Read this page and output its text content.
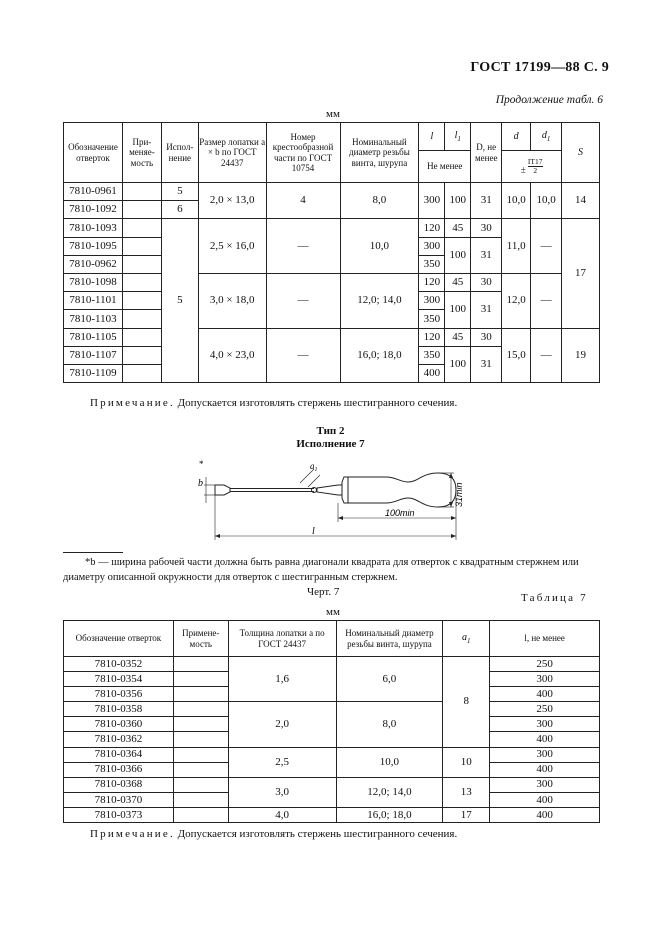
ГОСТ 17199—88 С. 9
Продолжение табл. 6
мм
Обозначение отверток	При-меняе-мость	Испол-нение	Размер лопатки a × b по ГОСТ 24437	Номер крестообразной части по ГОСТ 10754	Номинальный диаметр резьбы винта, шурупа	l	$l_1$	D, не менее	d	$d_1$	S
						Не менее			± $\frac{IT17}{2}$

7810-0961		5	2,0 × 13,0	4	8,0	300	100	31	10,0	10,0	14
7810-1092		6									
7810-1093		5	2,5 × 16,0	—	10,0	120	45	30	11,0	—	17
7810-1095						300	100	31			
7810-0962						350					
7810-1098			3,0 × 18,0	—	12,0; 14,0	120	45	30	12,0	—	
7810-1101						300	100	31			
7810-1103						350					
7810-1105			4,0 × 23,0	—	16,0; 18,0	120	45	30	15,0	—	19
7810-1107						350	100	31			
7810-1109						400					
Примечание. Допускается изготовлять стержень шестигранного сечения.
Тип 2
Исполнение 7
*
b
$a_1$
31min
100min
l
*b — ширина рабочей части должна быть равна диагонали квадрата для отверток с квадратным стержнем или диаметру описанной окружности для отверток с шестигранным стержнем.
Черт. 7	Таблица 7
мм
Обозначение отверток	Примене-мость	Толщина лопатки a по ГОСТ 24437	Номинальный диаметр резьбы винта, шурупа	$a_1$	l, не менее
7810-0352		1,6	6,0	8	250
7810-0354					300
7810-0356					400
7810-0358		2,0	8,0		250
7810-0360					300
7810-0362					400
7810-0364		2,5	10,0	10	300
7810-0366					400
7810-0368		3,0	12,0; 14,0	13	300
7810-0370					400
7810-0373		4,0	16,0; 18,0	17	400
Примечание. Допускается изготовлять стержень шестигранного сечения.
